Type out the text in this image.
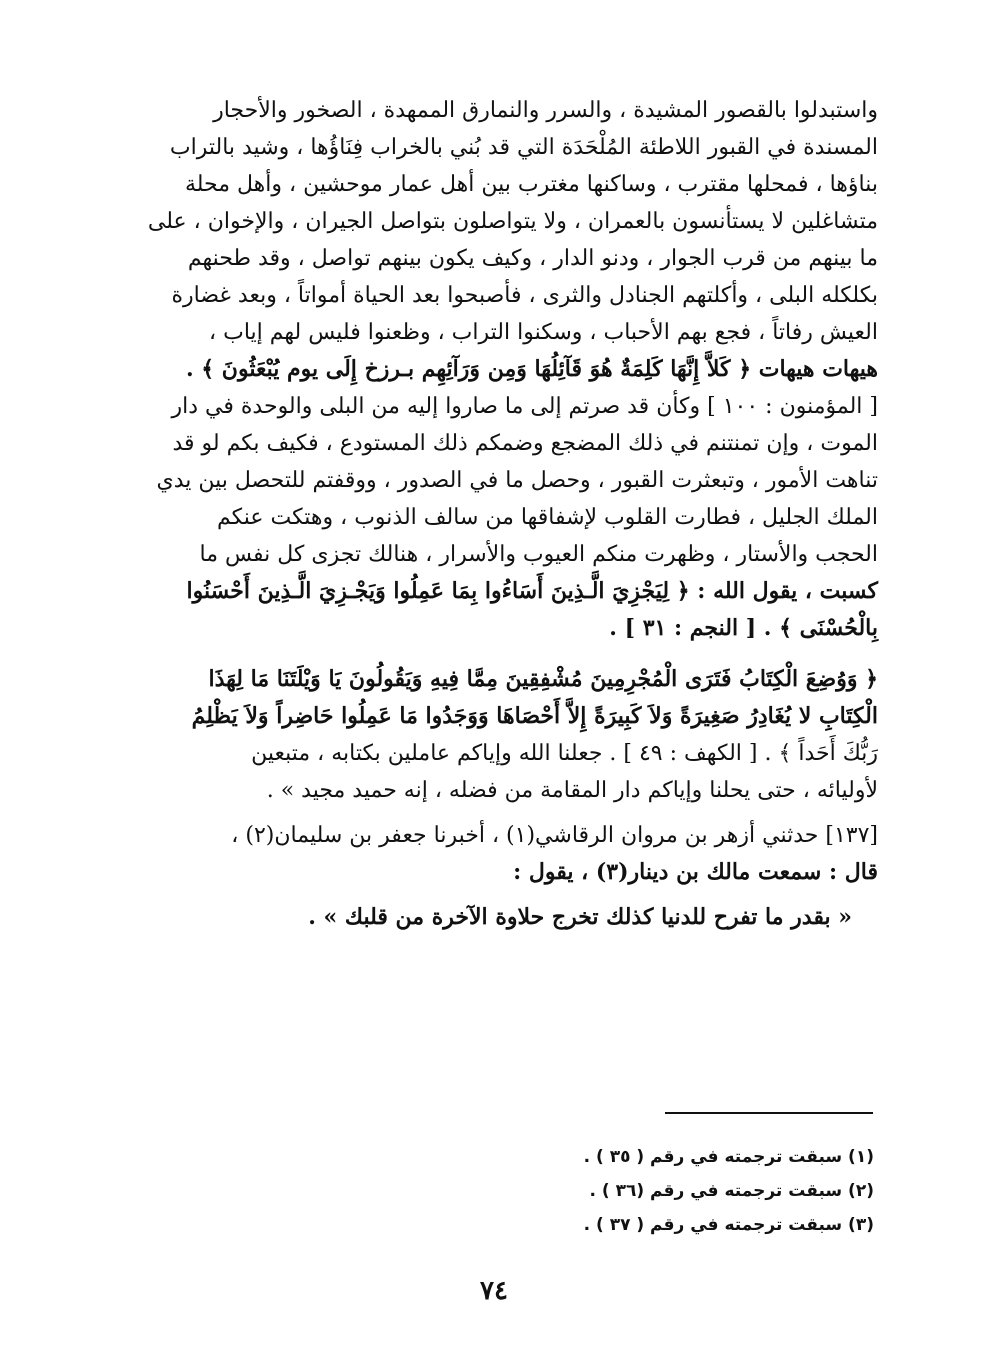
واستبدلوا بالقصور المشيدة ، والسرر والنمارق الممهدة ، الصخور والأحجار

المسندة في القبور اللاطئة المُلْحَدَة التي قد بُني بالخراب فِنَاؤُها ، وشيد بالتراب

بناؤها ، فمحلها مقترب ، وساكنها مغترب بين أهل عمار موحشين ، وأهل محلة

متشاغلين لا يستأنسون بالعمران ، ولا يتواصلون بتواصل الجيران ، والإخوان ، على

ما بينهم من قرب الجوار ، ودنو الدار ، وكيف يكون بينهم تواصل ، وقد طحنهم

بكلكله البلى ، وأكلتهم الجنادل والثرى ، فأصبحوا بعد الحياة أمواتاً ، وبعد غضارة

العيش رفاتاً ، فجع بهم الأحباب ، وسكنوا التراب ، وظعنوا فليس لهم إياب ،

هيهات هيهات ﴿ كَلاَّ إِنَّهَا كَلِمَةٌ هُوَ قَآئِلُهَا وَمِن وَرَآئِهِم بـرزخ إِلَى يوم يُبْعَثُونَ ﴾ .

[ المؤمنون : ١٠٠ ] وكأن قد صرتم إلى ما صاروا إليه من البلى والوحدة في دار

الموت ، وإن تمنتنم في ذلك المضجع وضمكم ذلك المستودع ، فكيف بكم لو قد

تناهت الأمور ، وتبعثرت القبور ، وحصل ما في الصدور ، ووقفتم للتحصل بين يدي

الملك الجليل ، فطارت القلوب لإشفاقها من سالف الذنوب ، وهتكت عنكم

الحجب والأستار ، وظهرت منكم العيوب والأسرار ، هنالك تجزى كل نفس ما

كسبت ، يقول الله : ﴿ لِيَجْزِيَ الَّـذِينَ أَسَاءُوا بِمَا عَمِلُوا وَيَجْـزِيَ الَّـذِينَ أَحْسَنُوا

بِالْحُسْنَى ﴾ . [ النجم : ٣١ ] .

﴿ وَوُضِعَ الْكِتَابُ فَتَرَى الْمُجْرِمِينَ مُشْفِقِينَ مِمَّا فِيهِ وَيَقُولُونَ يَا وَيْلَتَنَا مَا لِهَذَا

الْكِتَابِ لا يُغَادِرُ صَغِيرَةً وَلاَ كَبِيرَةً إِلاَّ أَحْصَاهَا وَوَجَدُوا مَا عَمِلُوا حَاضِراً وَلاَ يَظْلِمُ

رَبُّكَ أَحَداً ﴾ . [ الكهف : ٤٩ ] . جعلنا الله وإياكم عاملين بكتابه ، متبعين

لأوليائه ، حتى يحلنا وإياكم دار المقامة من فضله ، إنه حميد مجيد » .

[١٣٧] حدثني أزهر بن مروان الرقاشي(١) ، أخبرنا جعفر بن سليمان(٢) ،

قال : سمعت مالك بن دينار(٣) ، يقول :

« بقدر ما تفرح للدنيا كذلك تخرج حلاوة الآخرة من قلبك » .

(١) سبقت ترجمته في رقم ( ٣٥ ) .
(٢) سبقت ترجمته في رقم (٣٦ ) .
(٣) سبقت ترجمته في رقم ( ٣٧ ) .
٧٤
